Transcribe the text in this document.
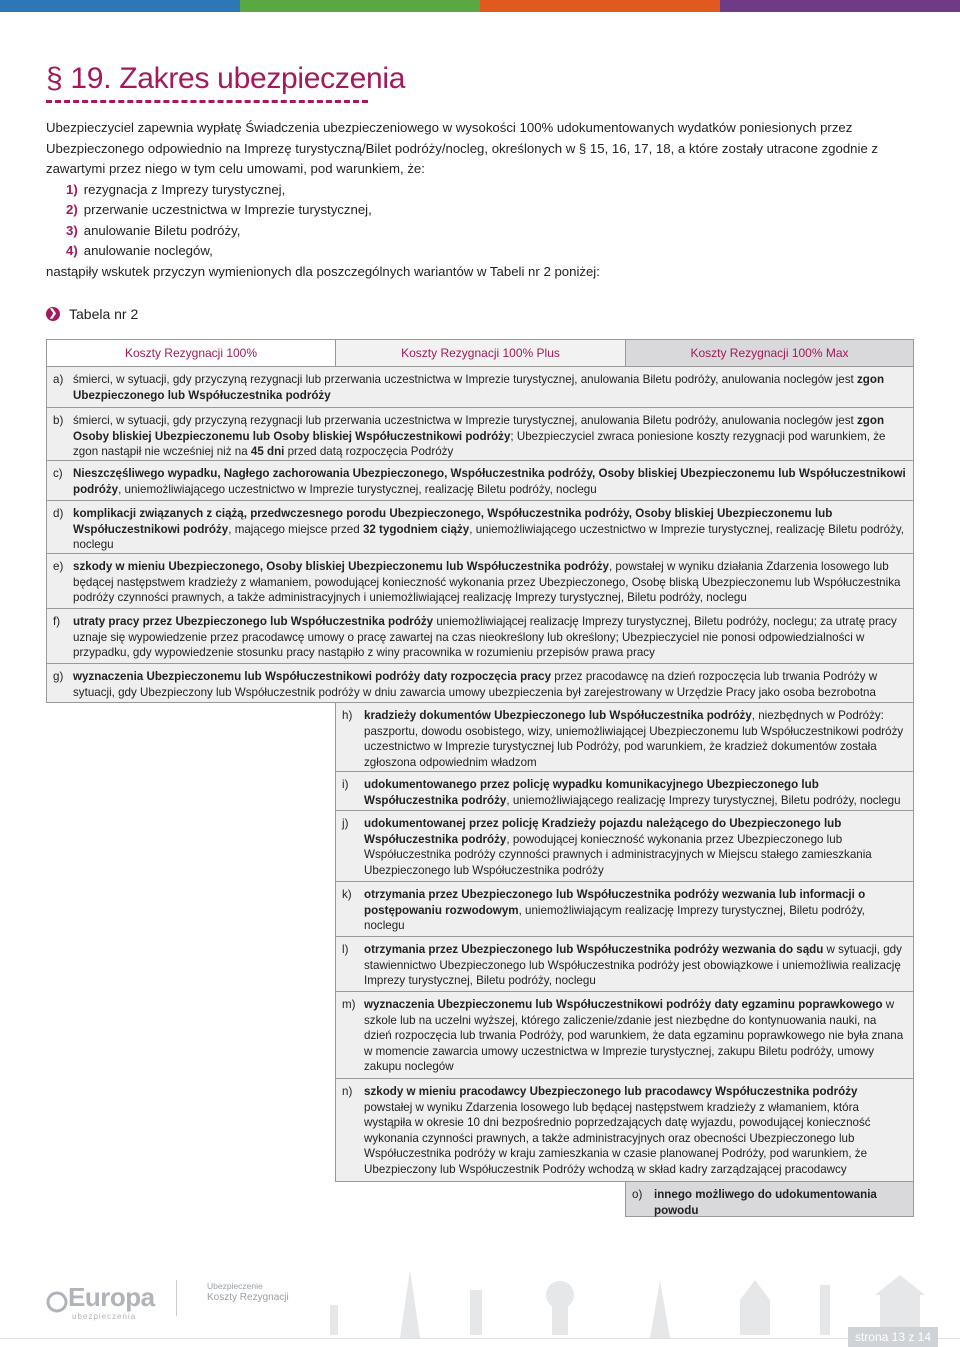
§ 19. Zakres ubezpieczenia

Ubezpieczyciel zapewnia wypłatę Świadczenia ubezpieczeniowego w wysokości 100% udokumentowanych wydatków poniesionych przez Ubezpieczonego odpowiednio na Imprezę turystyczną/Bilet podróży/nocleg, określonych w § 15, 16, 17, 18, a które zostały utracone zgodnie z zawartymi przez niego w tym celu umowami, pod warunkiem, że:

1) rezygnacja z Imprezy turystycznej,
2) przerwanie uczestnictwa w Imprezie turystycznej,
3) anulowanie Biletu podróży,
4) anulowanie noclegów,

nastąpiły wskutek przyczyn wymienionych dla poszczególnych wariantów w Tabeli nr 2 poniżej:

❯ Tabela nr 2
Koszty Rezygnacji 100%	Koszty Rezygnacji 100% Plus	Koszty Rezygnacji 100% Max
a) śmierci, w sytuacji, gdy przyczyną rezygnacji lub przerwania uczestnictwa w Imprezie turystycznej, anulowania Biletu podróży, anulowania noclegów jest zgon Ubezpieczonego lub Współuczestnika podróży
b) śmierci, w sytuacji, gdy przyczyną rezygnacji lub przerwania uczestnictwa w Imprezie turystycznej, anulowania Biletu podróży, anulowania noclegów jest zgon Osoby bliskiej Ubezpieczonemu lub Osoby bliskiej Współuczestnikowi podróży; Ubezpieczyciel zwraca poniesione koszty rezygnacji pod warunkiem, że zgon nastąpił nie wcześniej niż na 45 dni przed datą rozpoczęcia Podróży
c) Nieszczęśliwego wypadku, Nagłego zachorowania Ubezpieczonego, Współuczestnika podróży, Osoby bliskiej Ubezpieczonemu lub Współuczestnikowi podróży, uniemożliwiającego uczestnictwo w Imprezie turystycznej, realizację Biletu podróży, noclegu
d) komplikacji związanych z ciążą, przedwczesnego porodu Ubezpieczonego, Współuczestnika podróży, Osoby bliskiej Ubezpieczonemu lub Współuczestnikowi podróży, mającego miejsce przed 32 tygodniem ciąży, uniemożliwiającego uczestnictwo w Imprezie turystycznej, realizację Biletu podróży, noclegu
e) szkody w mieniu Ubezpieczonego, Osoby bliskiej Ubezpieczonemu lub Współuczestnika podróży, powstałej w wyniku działania Zdarzenia losowego lub będącej następstwem kradzieży z włamaniem, powodującej konieczność wykonania przez Ubezpieczonego, Osobę bliską Ubezpieczonemu lub Współuczestnika podróży czynności prawnych, a także administracyjnych i uniemożliwiającej realizację Imprezy turystycznej, Biletu podróży, noclegu
f) utraty pracy przez Ubezpieczonego lub Współuczestnika podróży uniemożliwiającej realizację Imprezy turystycznej, Biletu podróży, noclegu; za utratę pracy uznaje się wypowiedzenie przez pracodawcę umowy o pracę zawartej na czas nieokreślony lub określony; Ubezpieczyciel nie ponosi odpowiedzialności w przypadku, gdy wypowiedzenie stosunku pracy nastąpiło z winy pracownika w rozumieniu przepisów prawa pracy
g) wyznaczenia Ubezpieczonemu lub Współuczestnikowi podróży daty rozpoczęcia pracy przez pracodawcę na dzień rozpoczęcia lub trwania Podróży w sytuacji, gdy Ubezpieczony lub Współuczestnik podróży w dniu zawarcia umowy ubezpieczenia był zarejestrowany w Urzędzie Pracy jako osoba bezrobotna
h) kradzieży dokumentów Ubezpieczonego lub Współuczestnika podróży, niezbędnych w Podróży: paszportu, dowodu osobistego, wizy, uniemożliwiającej Ubezpieczonemu lub Współuczestnikowi podróży uczestnictwo w Imprezie turystycznej lub Podróży, pod warunkiem, że kradzież dokumentów została zgłoszona odpowiednim władzom
i) udokumentowanego przez policję wypadku komunikacyjnego Ubezpieczonego lub Współuczestnika podróży, uniemożliwiającego realizację Imprezy turystycznej, Biletu podróży, noclegu
j) udokumentowanej przez policję Kradzieży pojazdu należącego do Ubezpieczonego lub Współuczestnika podróży, powodującej konieczność wykonania przez Ubezpieczonego lub Współuczestnika podróży czynności prawnych i administracyjnych w Miejscu stałego zamieszkania Ubezpieczonego lub Współuczestnika podróży
k) otrzymania przez Ubezpieczonego lub Współuczestnika podróży wezwania lub informacji o postępowaniu rozwodowym, uniemożliwiającym realizację Imprezy turystycznej, Biletu podróży, noclegu
l) otrzymania przez Ubezpieczonego lub Współuczestnika podróży wezwania do sądu w sytuacji, gdy stawiennictwo Ubezpieczonego lub Współuczestnika podróży jest obowiązkowe i uniemożliwia realizację Imprezy turystycznej, Biletu podróży, noclegu
m) wyznaczenia Ubezpieczonemu lub Współuczestnikowi podróży daty egzaminu poprawkowego w szkole lub na uczelni wyższej, którego zaliczenie/zdanie jest niezbędne do kontynuowania nauki, na dzień rozpoczęcia lub trwania Podróży, pod warunkiem, że data egzaminu poprawkowego nie była znana w momencie zawarcia umowy uczestnictwa w Imprezie turystycznej, zakupu Biletu podróży, umowy zakupu noclegów
n) szkody w mieniu pracodawcy Ubezpieczonego lub pracodawcy Współuczestnika podróży powstałej w wyniku Zdarzenia losowego lub będącej następstwem kradzieży z włamaniem, która wystąpiła w okresie 10 dni bezpośrednio poprzedzających datę wyjazdu, powodującej konieczność wykonania czynności prawnych, a także administracyjnych oraz obecności Ubezpieczonego lub Współuczestnika podróży w kraju zamieszkania w czasie planowanej Podróży, pod warunkiem, że Ubezpieczony lub Współuczestnik Podróży wchodzą w skład kadry zarządzającej pracodawcy
o) innego możliwego do udokumentowania powodu
Europa
ubezpieczenia
Ubezpieczenie
Koszty Rezygnacji
strona 13 z 14
